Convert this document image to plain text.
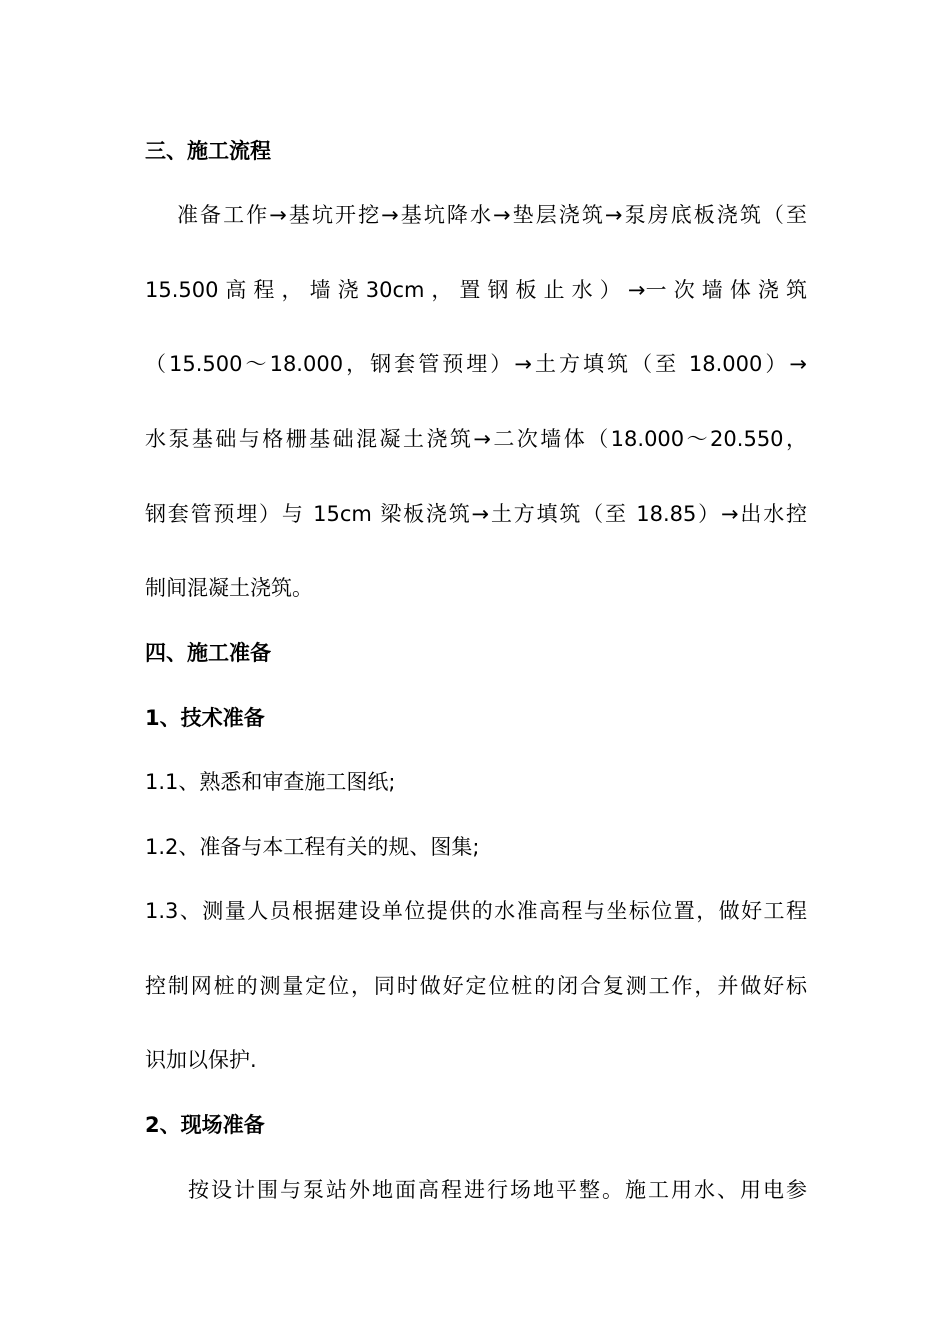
三、施工流程

准备工作→基坑开挖→基坑降水→垫层浇筑→泵房底板浇筑（至

15.500 高 程 ， 墙 浇 30cm ， 置 钢 板 止 水 ） →一 次 墙 体 浇 筑

（15.500～18.000，钢套管预埋）→土方填筑（至 18.000）→

水泵基础与格栅基础混凝土浇筑→二次墙体（18.000～20.550，

钢套管预埋）与 15cm 梁板浇筑→土方填筑（至 18.85）→出水控

制间混凝土浇筑。

四、施工准备

1、技术准备

1.1、熟悉和审查施工图纸;

1.2、准备与本工程有关的规、图集;

1.3、测量人员根据建设单位提供的水准高程与坐标位置，做好工程

控制网桩的测量定位，同时做好定位桩的闭合复测工作，并做好标

识加以保护.

2、现场准备

按设计围与泵站外地面高程进行场地平整。施工用水、用电参
